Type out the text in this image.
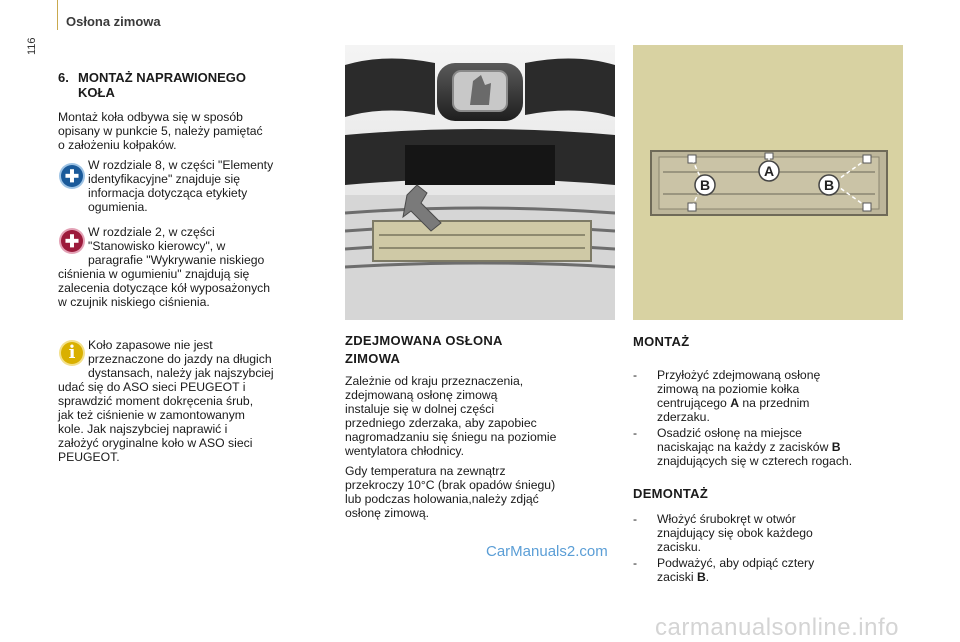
Osłona zimowa
116
6. MONTAŻ NAPRAWIONEGO
KOŁA
Montaż koła odbywa się w sposób
opisany w punkcie 5, należy pamiętać
o założeniu kołpaków.
✚
W rozdziale 8, w części "Elementy
identyfikacyjne" znajduje się
informacja dotycząca etykiety
ogumienia.
✚ W rozdziale 2, w części
"Stanowisko kierowcy", w
paragrafie "Wykrywanie niskiego
ciśnienia w ogumieniu" znajdują się
zalecenia dotyczące kół wyposażonych
w czujnik niskiego ciśnienia.
i	Koło zapasowe nie jest
przeznaczone do jazdy na długich
dystansach, należy jak najszybciej
udać się do ASO sieci PEUGEOT i
sprawdzić moment dokręcenia śrub,
jak też ciśnienie w zamontowanym
kole. Jak najszybciej naprawić i
założyć oryginalne koło w ASO sieci
PEUGEOT.
A
B	B
ZDEJMOWANA OSŁONA
ZIMOWA
Zależnie od kraju przeznaczenia,
zdejmowaną osłonę zimową
instaluje się w dolnej części
przedniego zderzaka, aby zapobiec
nagromadzaniu się śniegu na poziomie
wentylatora chłodnicy.
Gdy temperatura na zewnątrz
przekroczy 10°C (brak opadów śniegu)
lub podczas holowania,należy zdjąć
osłonę zimową.
MONTAŻ
- Przyłożyć zdejmowaną osłonę
zimową na poziomie kołka
centrującego A na przednim
zderzaku.
- Osadzić osłonę na miejsce
naciskając na każdy z zacisków B
znajdujących się w czterech rogach.
DEMONTAŻ
- Włożyć śrubokręt w otwór
znajdujący się obok każdego
zacisku.
- Podważyć, aby odpiąć cztery
zaciski B.
CarManuals2.com
carmanualsonline.info
